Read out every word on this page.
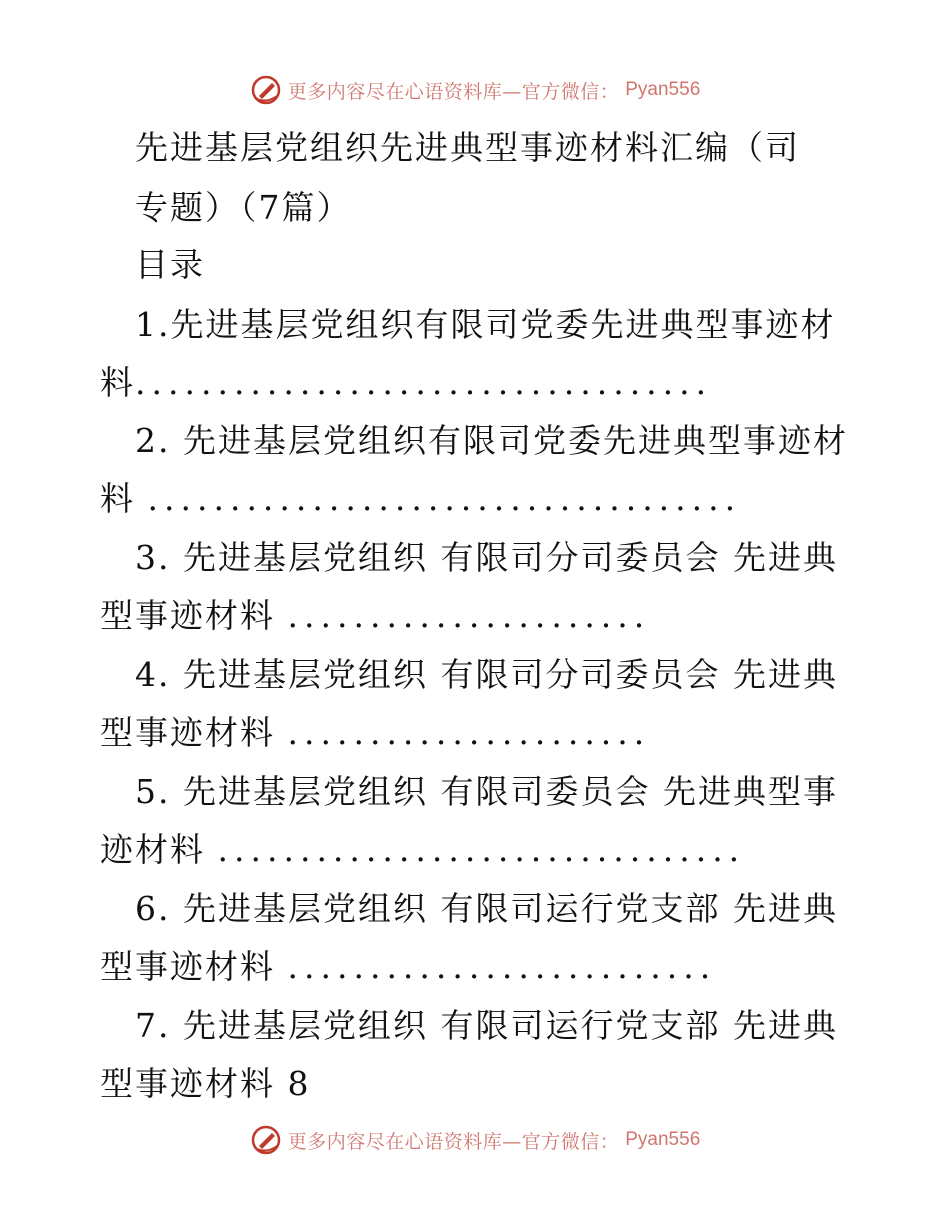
更多内容尽在心语资料库—官方微信： Pyan556
先进基层党组织先进典型事迹材料汇编（司
专题）（7篇）
目录
1.先进基层党组织有限司党委先进典型事迹材
料...................................
2. 先进基层党组织有限司党委先进典型事迹材
料 ....................................
3. 先进基层党组织 有限司分司委员会 先进典
型事迹材料 ......................
4. 先进基层党组织 有限司分司委员会 先进典
型事迹材料 ......................
5. 先进基层党组织 有限司委员会 先进典型事
迹材料 ................................
6. 先进基层党组织 有限司运行党支部 先进典
型事迹材料 ..........................
7. 先进基层党组织 有限司运行党支部 先进典
型事迹材料 8
更多内容尽在心语资料库—官方微信： Pyan556
